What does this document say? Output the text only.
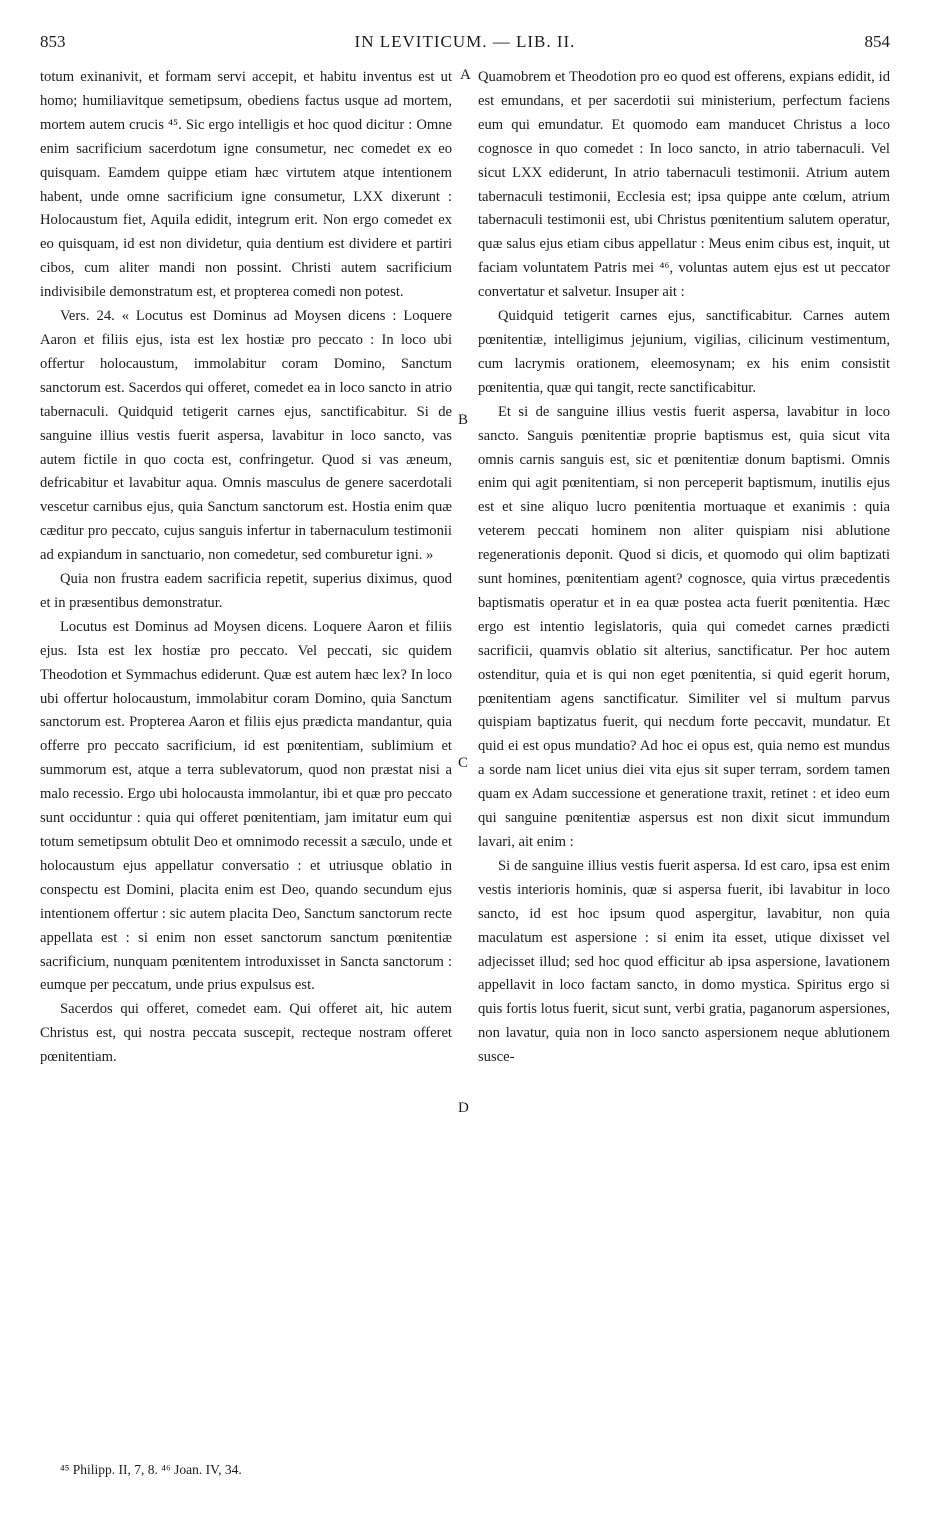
853	IN LEVITICUM. — LIB. II.	854

totum exinanivit, et formam servi accepit, et habitu inventus est ut homo; humiliavitque semetipsum, obediens factus usque ad mortem, mortem autem crucis ⁴⁵. Sic ergo intelligis et hoc quod dicitur : Omne enim sacrificium sacerdotum igne consumetur, nec comedet ex eo quisquam. Eamdem quippe etiam hæc virtutem atque intentionem habent, unde omne sacrificium igne consumetur, LXX dixerunt : Holocaustum fiet, Aquila edidit, integrum erit. Non ergo comedet ex eo quisquam, id est non dividetur, quia dentium est dividere et partiri cibos, cum aliter mandi non possint. Christi autem sacrificium indivisibile demonstratum est, et propterea comedi non potest.

Vers. 24. « Locutus est Dominus ad Moysen dicens : Loquere Aaron et filiis ejus, ista est lex hostiæ pro peccato : In loco ubi offertur holocaustum, immolabitur coram Domino, Sanctum sanctorum est. Sacerdos qui offeret, comedet ea in loco sancto in atrio tabernaculi. Quidquid tetigerit carnes ejus, sanctificabitur. Si de sanguine illius vestis fuerit aspersa, lavabitur in loco sancto, vas autem fictile in quo cocta est, confringetur. Quod si vas æneum, defricabitur et lavabitur aqua. Omnis masculus de genere sacerdotali vescetur carnibus ejus, quia Sanctum sanctorum est. Hostia enim quæ cæditur pro peccato, cujus sanguis infertur in tabernaculum testimonii ad expiandum in sanctuario, non comedetur, sed comburetur igni. »

Quia non frustra eadem sacrificia repetit, superius diximus, quod et in præsentibus demonstratur.

Locutus est Dominus ad Moysen dicens. Loquere Aaron et filiis ejus. Ista est lex hostiæ pro peccato. Vel peccati, sic quidem Theodotion et Symmachus ediderunt. Quæ est autem hæc lex? In loco ubi offertur holocaustum, immolabitur coram Domino, quia Sanctum sanctorum est. Propterea Aaron et filiis ejus prædicta mandantur, quia offerre pro peccato sacrificium, id est pœnitentiam, sublimium et summorum est, atque a terra sublevatorum, quod non præstat nisi a malo recessio. Ergo ubi holocausta immolantur, ibi et quæ pro peccato sunt occiduntur : quia qui offeret pœnitentiam, jam imitatur eum qui totum semetipsum obtulit Deo et omnimodo recessit a sæculo, unde et holocaustum ejus appellatur conversatio : et utriusque oblatio in conspectu est Domini, placita enim est Deo, quando secundum ejus intentionem offertur : sic autem placita Deo, Sanctum sanctorum recte appellata est : si enim non esset sanctorum sanctum pœnitentiæ sacrificium, nunquam pœnitentem introduxisset in Sancta sanctorum : eumque per peccatum, unde prius expulsus est.

Sacerdos qui offeret, comedet eam. Qui offeret ait, hic autem Christus est, qui nostra peccata suscepit, recteque nostram offeret pœnitentiam.

A
B
C
D

Quamobrem et Theodotion pro eo quod est offerens, expians edidit, id est emundans, et per sacerdotii sui ministerium, perfectum faciens eum qui emundatur. Et quomodo eam manducet Christus a loco cognosce in quo comedet : In loco sancto, in atrio tabernaculi. Vel sicut LXX ediderunt, In atrio tabernaculi testimonii. Atrium autem tabernaculi testimonii, Ecclesia est; ipsa quippe ante cœlum, atrium tabernaculi testimonii est, ubi Christus pœnitentium salutem operatur, quæ salus ejus etiam cibus appellatur : Meus enim cibus est, inquit, ut faciam voluntatem Patris mei ⁴⁶, voluntas autem ejus est ut peccator convertatur et salvetur. Insuper ait :

Quidquid tetigerit carnes ejus, sanctificabitur. Carnes autem pœnitentiæ, intelligimus jejunium, vigilias, cilicinum vestimentum, cum lacrymis orationem, eleemosynam; ex his enim consistit pœnitentia, quæ qui tangit, recte sanctificabitur.

Et si de sanguine illius vestis fuerit aspersa, lavabitur in loco sancto. Sanguis pœnitentiæ proprie baptismus est, quia sicut vita omnis carnis sanguis est, sic et pœnitentiæ donum baptismi. Omnis enim qui agit pœnitentiam, si non perceperit baptismum, inutilis ejus est et sine aliquo lucro pœnitentia mortuaque et exanimis : quia veterem peccati hominem non aliter quispiam nisi ablutione regenerationis deponit. Quod si dicis, et quomodo qui olim baptizati sunt homines, pœnitentiam agent? cognosce, quia virtus præcedentis baptismatis operatur et in ea quæ postea acta fuerit pœnitentia. Hæc ergo est intentio legislatoris, quia qui comedet carnes prædicti sacrificii, quamvis oblatio sit alterius, sanctificatur. Per hoc autem ostenditur, quia et is qui non eget pœnitentia, si quid egerit horum, pœnitentiam agens sanctificatur. Similiter vel si multum parvus quispiam baptizatus fuerit, qui necdum forte peccavit, mundatur. Et quid ei est opus mundatio? Ad hoc ei opus est, quia nemo est mundus a sorde nam licet unius diei vita ejus sit super terram, sordem tamen quam ex Adam successione et generatione traxit, retinet : et ideo eum qui sanguine pœnitentiæ aspersus est non dixit sicut immundum lavari, ait enim :

Si de sanguine illius vestis fuerit aspersa. Id est caro, ipsa est enim vestis interioris hominis, quæ si aspersa fuerit, ibi lavabitur in loco sancto, id est hoc ipsum quod aspergitur, lavabitur, non quia maculatum est aspersione : si enim ita esset, utique dixisset vel adjecisset illud; sed hoc quod efficitur ab ipsa aspersione, lavationem appellavit in loco factam sancto, in domo mystica. Spiritus ergo si quis fortis lotus fuerit, sicut sunt, verbi gratia, paganorum aspersiones, non lavatur, quia non in loco sancto aspersionem neque ablutionem susce-

⁴⁵ Philipp. II, 7, 8. ⁴⁶ Joan. IV, 34.
